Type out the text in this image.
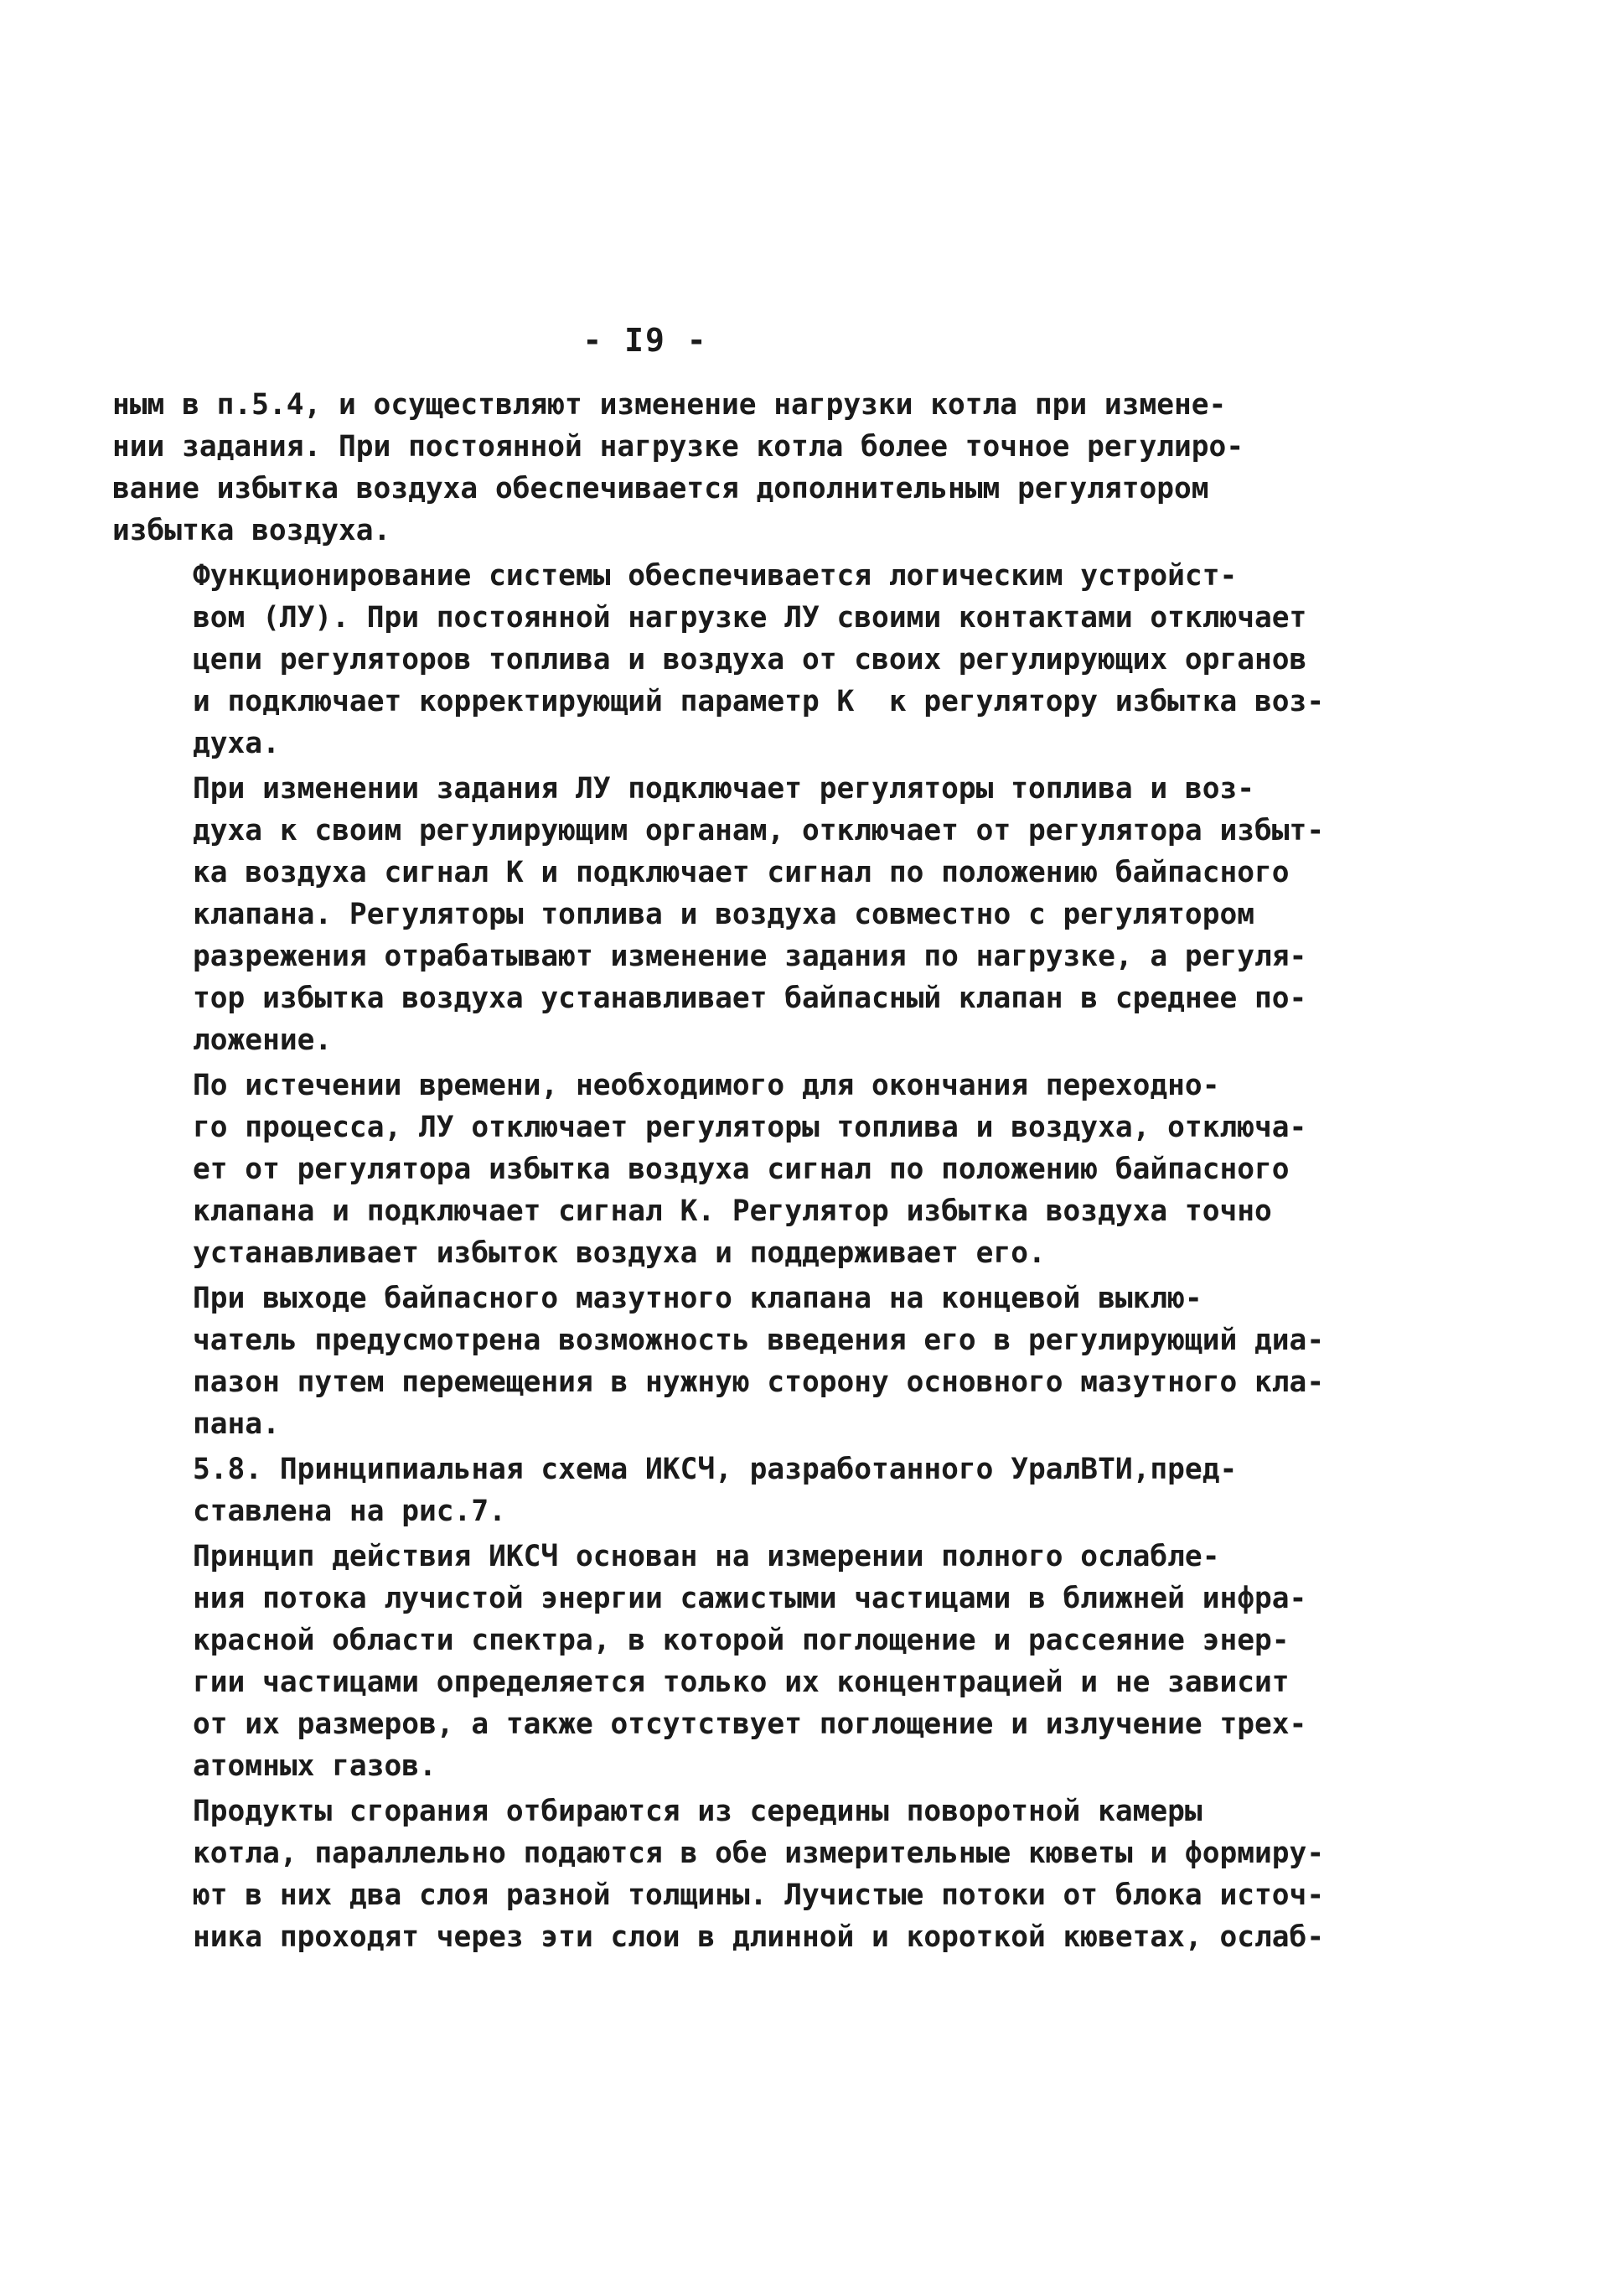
- I9 -

ным в п.5.4, и осуществляют изменение нагрузки котла при измене-
нии задания. При постоянной нагрузке котла более точное регулиро-
вание избытка воздуха обеспечивается дополнительным регулятором
избытка воздуха.

Функционирование системы обеспечивается логическим устройст-
вом (ЛУ). При постоянной нагрузке ЛУ своими контактами отключает
цепи регуляторов топлива и воздуха от своих регулирующих органов
и подключает корректирующий параметр К  к регулятору избытка воз-
духа.

При изменении задания ЛУ подключает регуляторы топлива и воз-
духа к своим регулирующим органам, отключает от регулятора избыт-
ка воздуха сигнал К и подключает сигнал по положению байпасного
клапана. Регуляторы топлива и воздуха совместно с регулятором
разрежения отрабатывают изменение задания по нагрузке, а регуля-
тор избытка воздуха устанавливает байпасный клапан в среднее по-
ложение.

По истечении времени, необходимого для окончания переходно-
го процесса, ЛУ отключает регуляторы топлива и воздуха, отключа-
ет от регулятора избытка воздуха сигнал по положению байпасного
клапана и подключает сигнал К. Регулятор избытка воздуха точно
устанавливает избыток воздуха и поддерживает его.

При выходе байпасного мазутного клапана на концевой выклю-
чатель предусмотрена возможность введения его в регулирующий диа-
пазон путем перемещения в нужную сторону основного мазутного кла-
пана.

5.8. Принципиальная схема ИКСЧ, разработанного УралВТИ,пред-
ставлена на рис.7.

Принцип действия ИКСЧ основан на измерении полного ослабле-
ния потока лучистой энергии сажистыми частицами в ближней инфра-
красной области спектра, в которой поглощение и рассеяние энер-
гии частицами определяется только их концентрацией и не зависит
от их размеров, а также отсутствует поглощение и излучение трех-
атомных газов.

Продукты сгорания отбираются из середины поворотной камеры
котла, параллельно подаются в обе измерительные кюветы и формиру-
ют в них два слоя разной толщины. Лучистые потоки от блока источ-
ника проходят через эти слои в длинной и короткой кюветах, ослаб-
